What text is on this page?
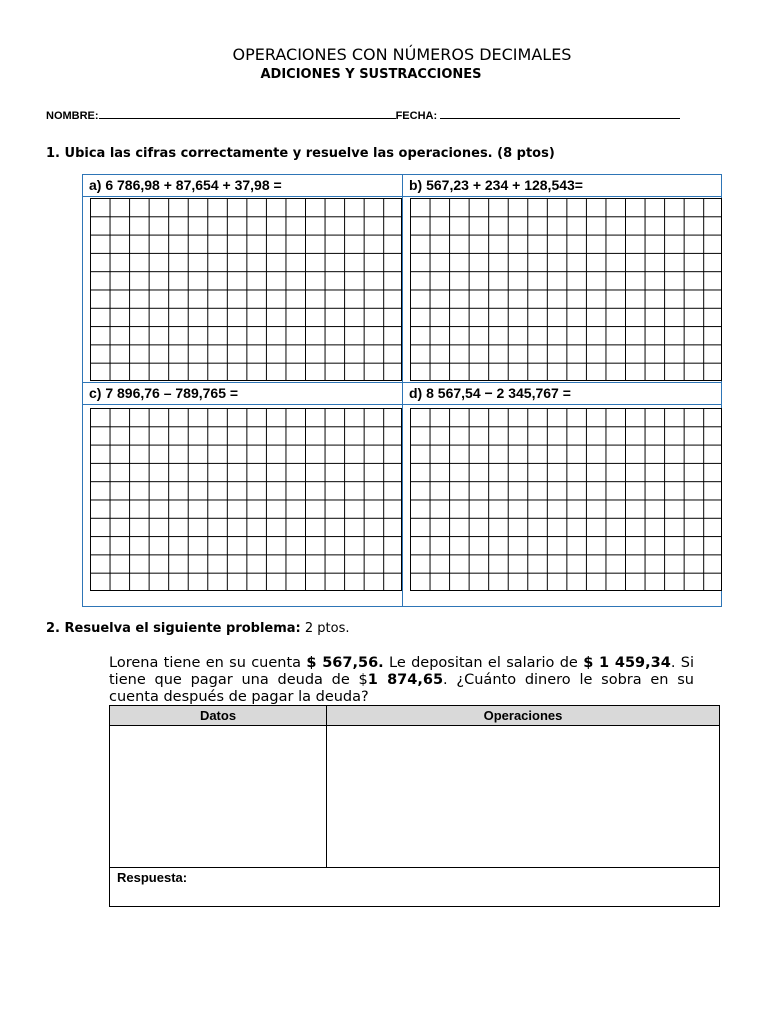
OPERACIONES CON NÚMEROS DECIMALES
ADICIONES Y SUSTRACCIONES
NOMBRE:	FECHA:
1. Ubica las cifras correctamente y resuelve las operaciones. (8 ptos)
a) 6 786,98 + 87,654 + 37,98 =	b) 567,23 + 234 + 128,543=
c) 7 896,76 – 789,765 =	d) 8 567,54 − 2 345,767 =
2. Resuelva el siguiente problema: 2 ptos.
Lorena tiene en su cuenta $ 567,56. Le depositan el salario de $ 1 459,34. Si tiene que pagar una deuda de $1 874,65. ¿Cuánto dinero le sobra en su cuenta después de pagar la deuda?
Datos	Operaciones

Respuesta:	
